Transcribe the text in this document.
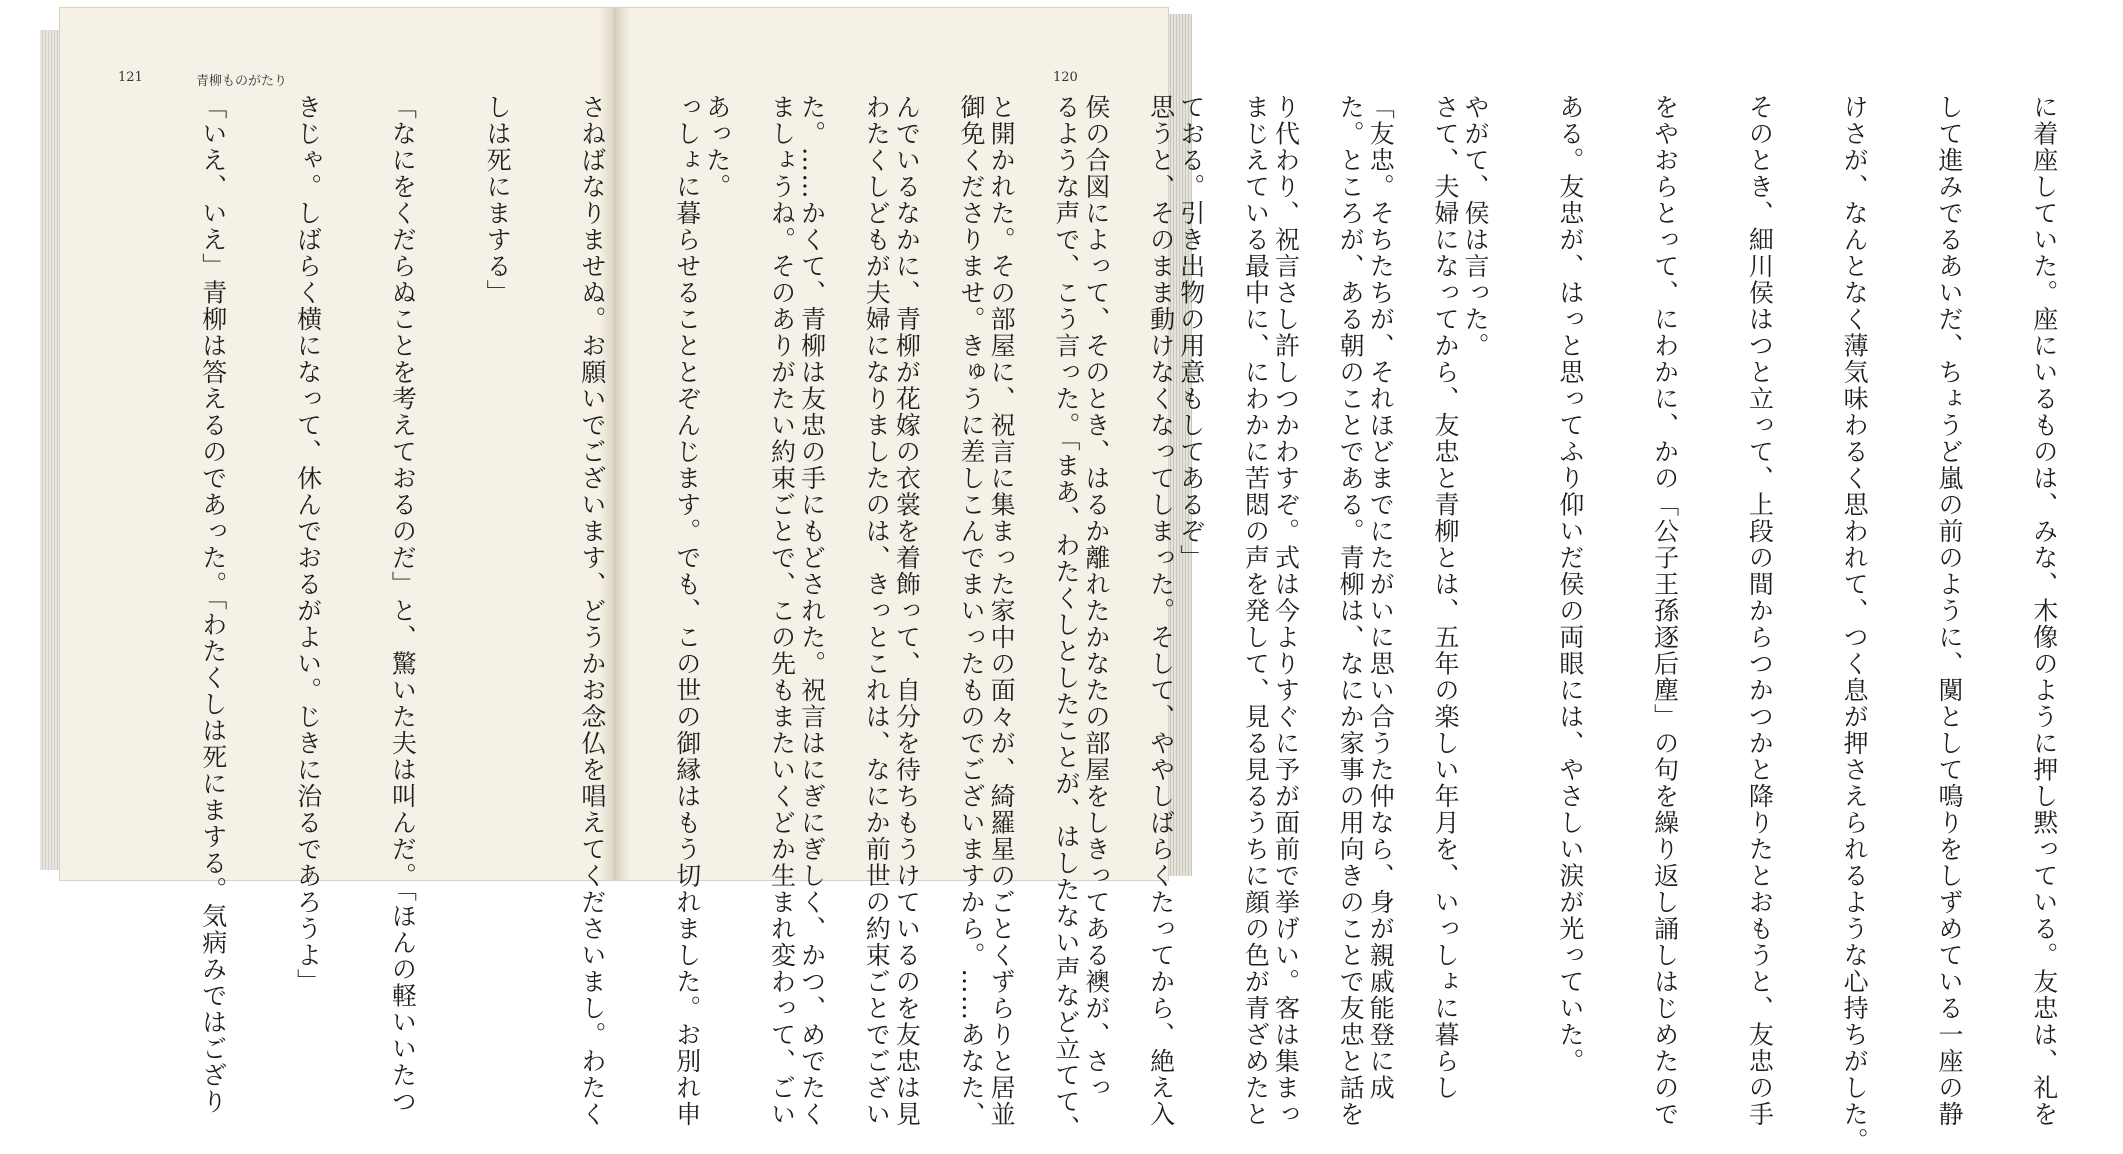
121	青柳ものがたり	120

さて、夫婦になってから、友忠と青柳とは、五年の楽しい年月を、いっしょに暮らし

た。ところが、ある朝のことである。青柳は、なにか家事の用向きのことで友忠と話を

まじえている最中に、にわかに苦悶の声を発して、見る見るうちに顔の色が青ざめたと

思うと、そのまま動けなくなってしまった。そして、ややしばらくたってから、絶え入

るような声で、こう言った。「まあ、わたくしとしたことが、はしたない声など立てて、

御免くださりませ。きゅうに差しこんでまいったものでございますから。……あなた、

わたくしどもが夫婦になりましたのは、きっとこれは、なにか前世の約束ごとでござい

ましょうね。そのありがたい約束ごとで、この先もまたいくどか生まれ変わって、ごい

っしょに暮らせることとぞんじます。でも、この世の御縁はもう切れました。お別れ申

さねばなりませぬ。お願いでございます、どうかお念仏を唱えてくださいまし。わたく

しは死にまする」

「なにをくだらぬことを考えておるのだ」と、驚いた夫は叫んだ。「ほんの軽いいたつ

きじゃ。しばらく横になって、休んでおるがよい。じきに治るであろうよ」

「いえ、いえ」青柳は答えるのであった。「わたくしは死にまする。気病みではござり

	に着座していた。座にいるものは、みな、木像のように押し黙っている。友忠は、礼を

して進みでるあいだ、ちょうど嵐の前のように、闃として鳴りをしずめている一座の静

けさが、なんとなく薄気味わるく思われて、つく息が押さえられるような心持ちがした。

そのとき、細川侯はつと立って、上段の間からつかつかと降りたとおもうと、友忠の手

をやおらとって、にわかに、かの「公子王孫逐后塵」の句を繰り返し誦しはじめたので

ある。友忠が、はっと思ってふり仰いだ侯の両眼には、やさしい涙が光っていた。

やがて、侯は言った。

「友忠。そちたちが、それほどまでにたがいに思い合うた仲なら、身が親戚能登に成

り代わり、祝言さし許しつかわすぞ。式は今よりすぐに予が面前で挙げい。客は集まっ

ておる。引き出物の用意もしてあるぞ」

侯の合図によって、そのとき、はるか離れたかなたの部屋をしきってある襖が、さっ

と開かれた。その部屋に、祝言に集まった家中の面々が、綺羅星のごとくずらりと居並

んでいるなかに、青柳が花嫁の衣裳を着飾って、自分を待ちもうけているのを友忠は見

た。……かくて、青柳は友忠の手にもどされた。祝言はにぎにぎしく、かつ、めでたく

あった。
